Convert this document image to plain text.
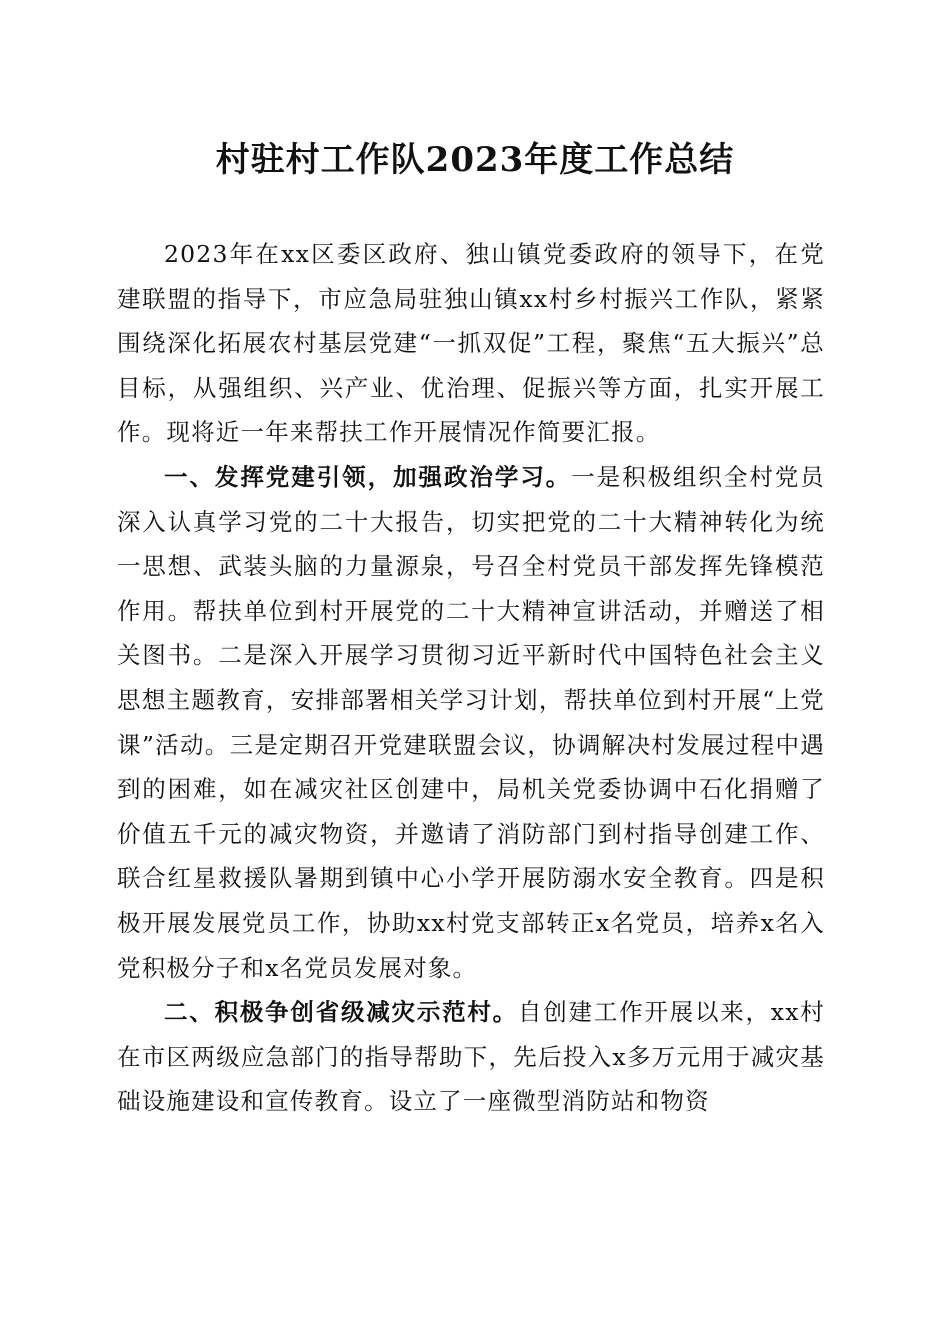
村驻村工作队2023年度工作总结

2023年在xx区委区政府、独山镇党委政府的领导下，在党建联盟的指导下，市应急局驻独山镇xx村乡村振兴工作队，紧紧围绕深化拓展农村基层党建“一抓双促”工程，聚焦“五大振兴”总目标，从强组织、兴产业、优治理、促振兴等方面，扎实开展工作。现将近一年来帮扶工作开展情况作简要汇报。

一、发挥党建引领，加强政治学习。一是积极组织全村党员深入认真学习党的二十大报告，切实把党的二十大精神转化为统一思想、武装头脑的力量源泉，号召全村党员干部发挥先锋模范作用。帮扶单位到村开展党的二十大精神宣讲活动，并赠送了相关图书。二是深入开展学习贯彻习近平新时代中国特色社会主义思想主题教育，安排部署相关学习计划，帮扶单位到村开展“上党课”活动。三是定期召开党建联盟会议，协调解决村发展过程中遇到的困难，如在减灾社区创建中，局机关党委协调中石化捐赠了价值五千元的减灾物资，并邀请了消防部门到村指导创建工作、联合红星救援队暑期到镇中心小学开展防溺水安全教育。四是积极开展发展党员工作，协助xx村党支部转正x名党员，培养x名入党积极分子和x名党员发展对象。

二、积极争创省级减灾示范村。自创建工作开展以来，xx村在市区两级应急部门的指导帮助下，先后投入x多万元用于减灾基础设施建设和宣传教育。设立了一座微型消防站和物资
